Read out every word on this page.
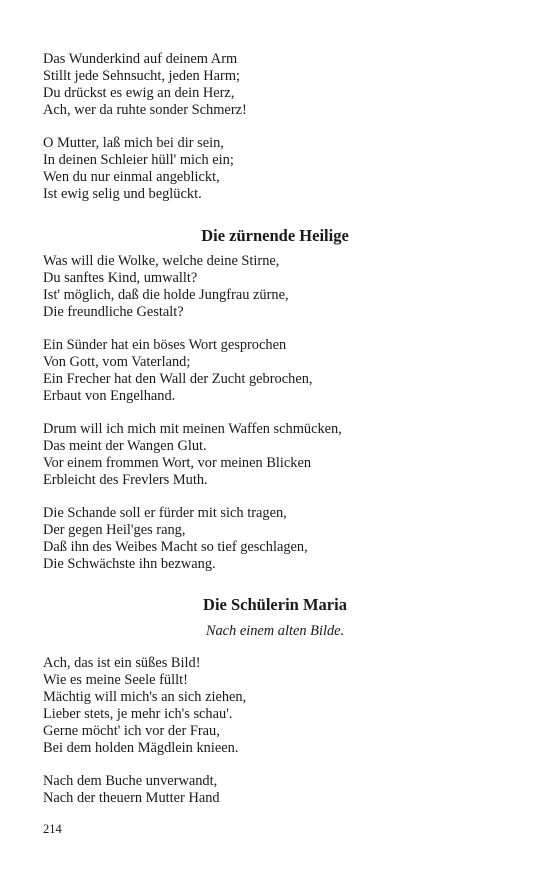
Das Wunderkind auf deinem Arm
Stillt jede Sehnsucht, jeden Harm;
Du drückst es ewig an dein Herz,
Ach, wer da ruhte sonder Schmerz!
O Mutter, laß mich bei dir sein,
In deinen Schleier hüll' mich ein;
Wen du nur einmal angeblickt,
Ist ewig selig und beglückt.
Die zürnende Heilige
Was will die Wolke, welche deine Stirne,
Du sanftes Kind, umwallt?
Ist' möglich, daß die holde Jungfrau zürne,
Die freundliche Gestalt?
Ein Sünder hat ein böses Wort gesprochen
Von Gott, vom Vaterland;
Ein Frecher hat den Wall der Zucht gebrochen,
Erbaut von Engelhand.
Drum will ich mich mit meinen Waffen schmücken,
Das meint der Wangen Glut.
Vor einem frommen Wort, vor meinen Blicken
Erbleicht des Frevlers Muth.
Die Schande soll er fürder mit sich tragen,
Der gegen Heil'ges rang,
Daß ihn des Weibes Macht so tief geschlagen,
Die Schwächste ihn bezwang.
Die Schülerin Maria
Nach einem alten Bilde.
Ach, das ist ein süßes Bild!
Wie es meine Seele füllt!
Mächtig will mich's an sich ziehen,
Lieber stets, je mehr ich's schau'.
Gerne möcht' ich vor der Frau,
Bei dem holden Mägdlein knieen.
Nach dem Buche unverwandt,
Nach der theuern Mutter Hand
214
